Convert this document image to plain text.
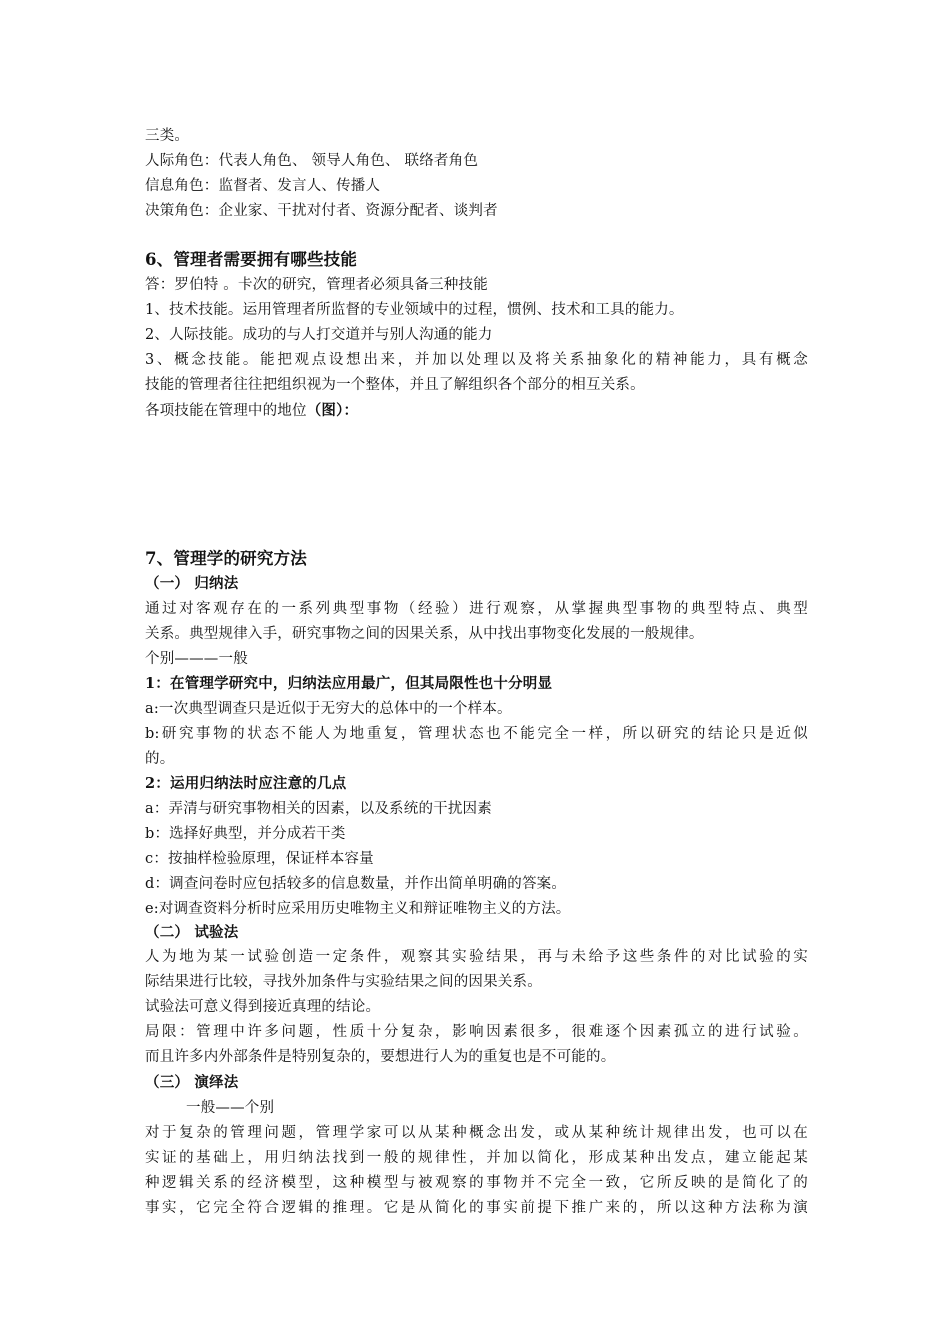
三类。
人际角色：代表人角色、 领导人角色、 联络者角色
信息角色：监督者、发言人、传播人
决策角色：企业家、干扰对付者、资源分配者、谈判者
6、管理者需要拥有哪些技能
答：罗伯特 。卡次的研究，管理者必须具备三种技能
1、技术技能。运用管理者所监督的专业领域中的过程，惯例、技术和工具的能力。
2、人际技能。成功的与人打交道并与别人沟通的能力
3、概念技能。能把观点设想出来，并加以处理以及将关系抽象化的精神能力，具有概念
技能的管理者往往把组织视为一个整体，并且了解组织各个部分的相互关系。
各项技能在管理中的地位（图）：
7、管理学的研究方法
（一） 归纳法
通过对客观存在的一系列典型事物（经验）进行观察，从掌握典型事物的典型特点、典型
关系。典型规律入手，研究事物之间的因果关系，从中找出事物变化发展的一般规律。
个别———一般
1：在管理学研究中，归纳法应用最广，但其局限性也十分明显
a:一次典型调查只是近似于无穷大的总体中的一个样本。
b:研究事物的状态不能人为地重复，管理状态也不能完全一样，所以研究的结论只是近似
的。
2：运用归纳法时应注意的几点
a：弄清与研究事物相关的因素，以及系统的干扰因素
b：选择好典型，并分成若干类
c：按抽样检验原理，保证样本容量
d：调查问卷时应包括较多的信息数量，并作出简单明确的答案。
e:对调查资料分析时应采用历史唯物主义和辩证唯物主义的方法。
（二） 试验法
人为地为某一试验创造一定条件，观察其实验结果，再与未给予这些条件的对比试验的实
际结果进行比较，寻找外加条件与实验结果之间的因果关系。
试验法可意义得到接近真理的结论。
局限：管理中许多问题，性质十分复杂，影响因素很多，很难逐个因素孤立的进行试验。
而且许多内外部条件是特别复杂的，要想进行人为的重复也是不可能的。
（三） 演绎法
一般——个别
对于复杂的管理问题，管理学家可以从某种概念出发，或从某种统计规律出发，也可以在
实证的基础上，用归纳法找到一般的规律性，并加以简化，形成某种出发点，建立能起某
种逻辑关系的经济模型，这种模型与被观察的事物并不完全一致，它所反映的是简化了的
事实，它完全符合逻辑的推理。它是从简化的事实前提下推广来的，所以这种方法称为演
